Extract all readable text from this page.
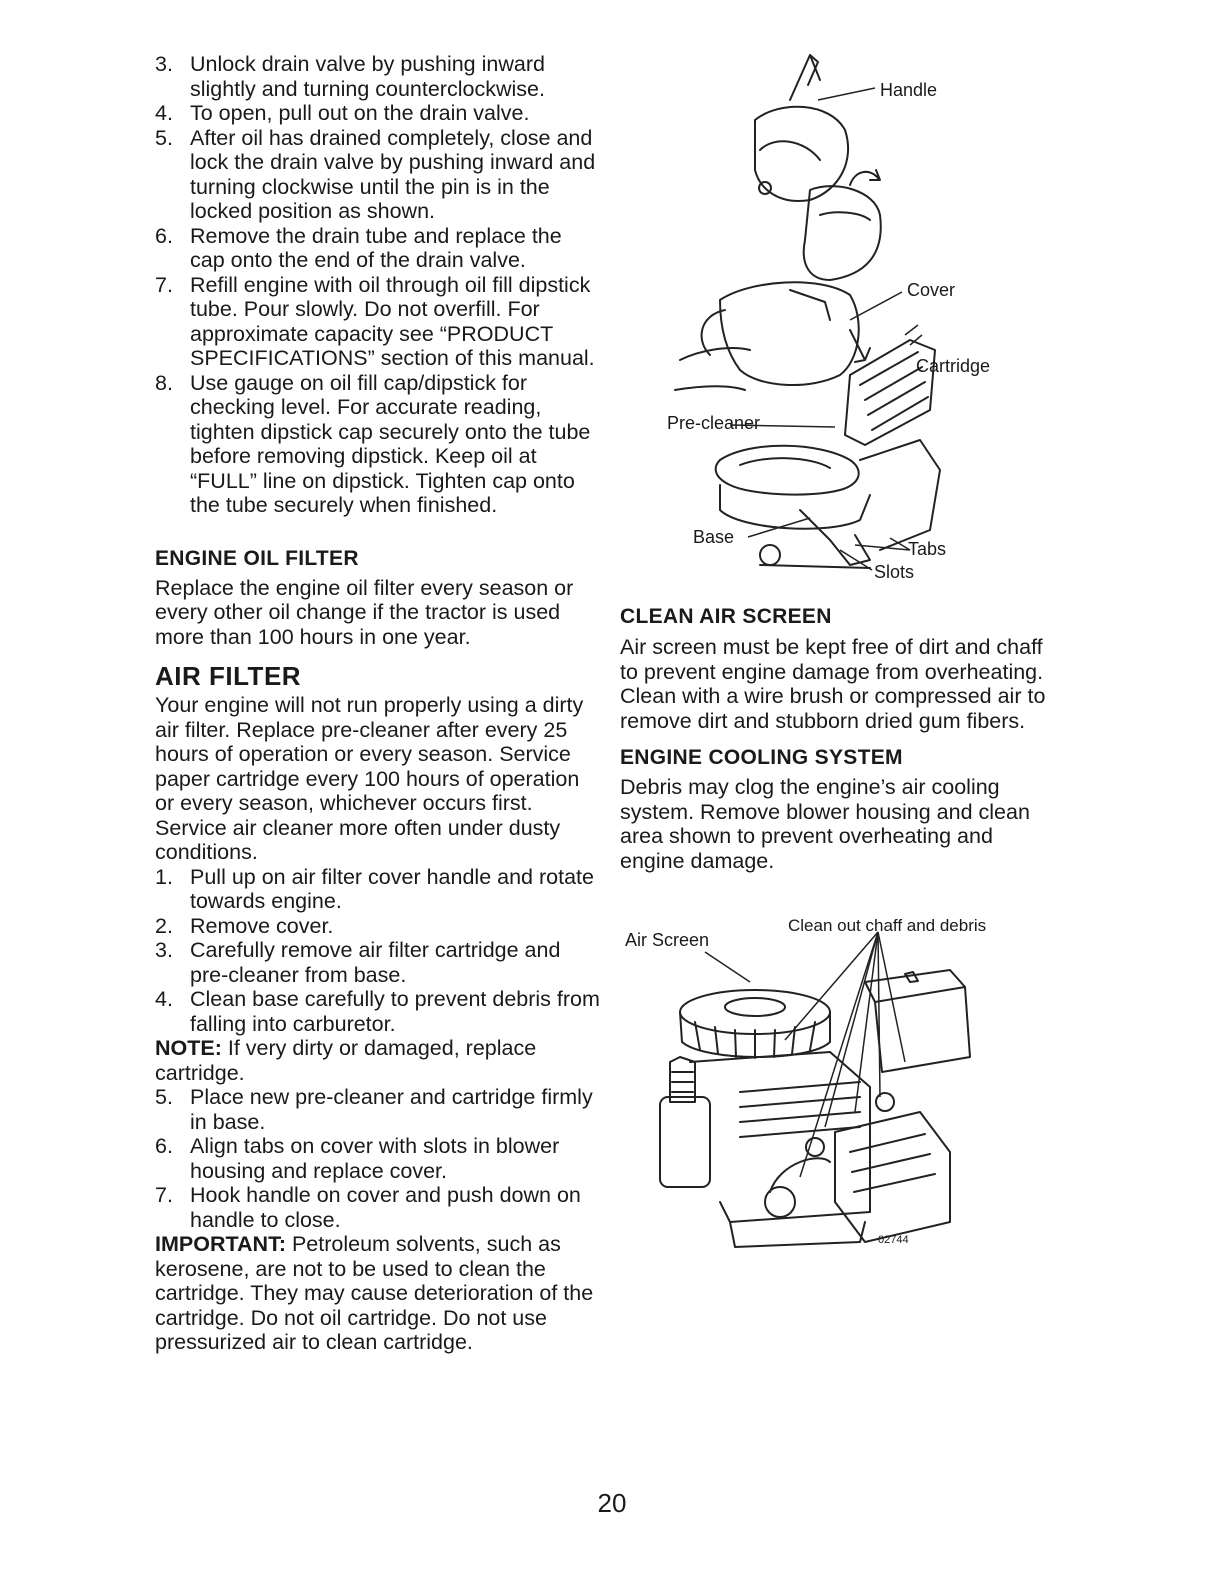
3. Unlock drain valve by pushing inward slightly and turning counterclockwise.
4. To open, pull out on the drain valve.
5. After oil has drained completely, close and lock the drain valve by pushing inward and turning clockwise until the pin is in the locked position as shown.
6. Remove the drain tube and replace the cap onto the end of the drain valve.
7. Refill engine with oil through oil fill dipstick tube. Pour slowly. Do not overfill. For approximate capacity see “PRODUCT SPECIFICATIONS” section of this manual.
8. Use gauge on oil fill cap/dipstick for checking level. For accurate reading, tighten dipstick cap securely onto the tube before removing dipstick. Keep oil at “FULL” line on dipstick. Tighten cap onto the tube securely when finished.
ENGINE OIL FILTER

Replace the engine oil filter every season or every other oil change if the tractor is used more than 100 hours in one year.

AIR FILTER

Your engine will not run properly using a dirty air filter. Replace pre-cleaner after every 25 hours of operation or every season. Service paper cartridge every 100 hours of operation or every season, whichever occurs first.

Service air cleaner more often under dusty conditions.

1. Pull up on air filter cover handle and rotate towards engine.
2. Remove cover.
3. Carefully remove air filter cartridge and pre-cleaner from base.
4. Clean base carefully to prevent debris from falling into carburetor.

NOTE: If very dirty or damaged, replace cartridge.

5. Place new pre-cleaner and cartridge firmly in base.
6. Align tabs on cover with slots in blower housing and replace cover.
7. Hook handle on cover and push down on handle to close.

IMPORTANT: Petroleum solvents, such as kerosene, are not to be used to clean the cartridge. They may cause deterioration of the cartridge. Do not oil cartridge. Do not use pressurized air to clean cartridge.

Handle
Cover
Cartridge
Pre-cleaner
Base
Tabs
Slots
CLEAN AIR SCREEN

Air screen must be kept free of dirt and chaff to prevent engine damage from overheating. Clean with a wire brush or compressed air to remove dirt and stubborn dried gum fibers.

ENGINE COOLING SYSTEM

Debris may clog the engine’s air cooling system. Remove blower housing and clean area shown to prevent overheating and engine damage.

Air Screen
Clean out chaff and debris
02744
20
